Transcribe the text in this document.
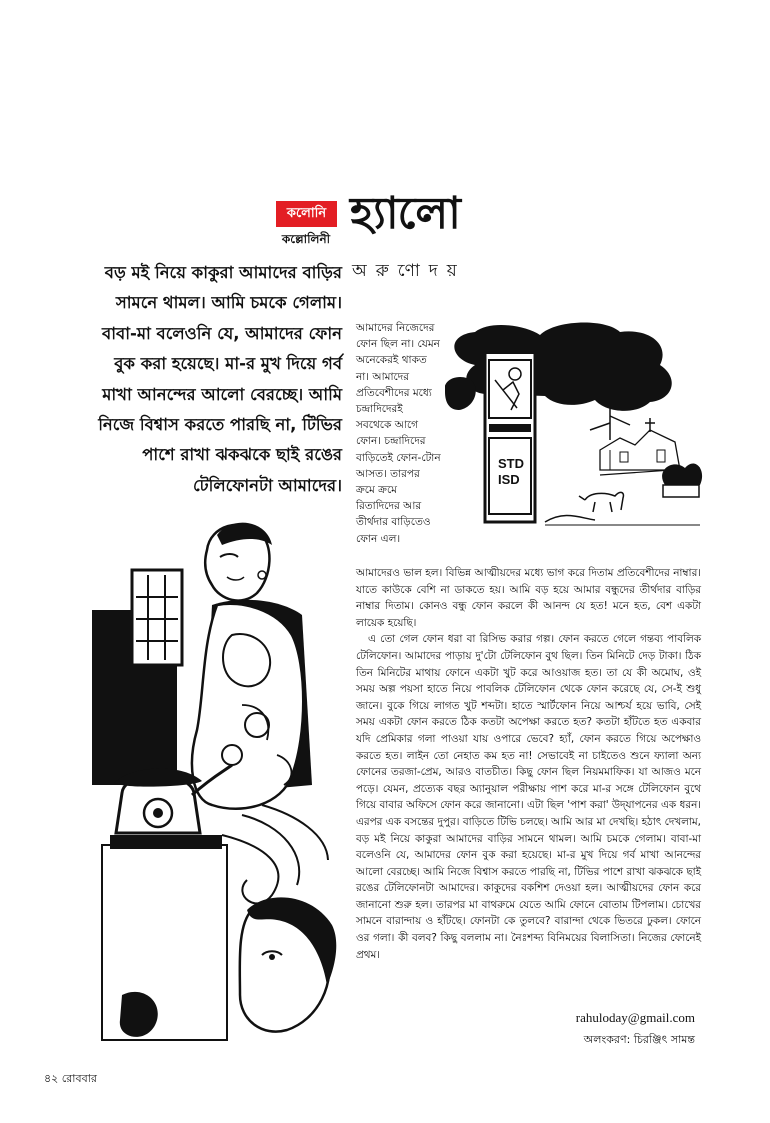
কলোনি
কল্লোলিনী হ্যালো
অরুণোদয়
বড় মই নিয়ে কাকুরা আমাদের বাড়ির সামনে থামল। আমি চমকে গেলাম। বাবা-মা বলেওনি যে, আমাদের ফোন বুক করা হয়েছে। মা-র মুখ দিয়ে গর্ব মাখা আনন্দের আলো বেরচ্ছে। আমি নিজে বিশ্বাস করতে পারছি না, টিভির পাশে রাখা ঝকঝকে ছাই রঙের টেলিফোনটা আমাদের।

আমাদের নিজেদের

ফোন ছিল না। যেমন

অনেকেরই থাকত

না। আমাদের

প্রতিবেশীদের মধ্যে

চন্দ্রাদিদেরই

সবথেকে আগে

ফোন। চন্দ্রাদিদের

বাড়িতেই ফোন-টোন

আসত। তারপর

ক্রমে ক্রমে

রিতাদিদের আর

তীর্থদার বাড়িতেও

ফোন এল।

আমাদেরও ভাল হল। বিভিন্ন আত্মীয়দের মধ্যে ভাগ করে দিতাম প্রতিবেশীদের নাম্বার। যাতে কাউকে বেশি না ডাকতে হয়। আমি বড় হয়ে আমার বন্ধুদের তীর্থদার বাড়ির নাম্বার দিতাম। কোনও বন্ধু ফোন করলে কী আনন্দ যে হত! মনে হত, বেশ একটা লায়েক হয়েছি।

এ তো গেল ফোন ধরা বা রিসিভ করার গল্প। ফোন করতে গেলে গন্তব্য পাবলিক টেলিফোন। আমাদের পাড়ায় দু'টো টেলিফোন বুথ ছিল। তিন মিনিটে দেড় টাকা। ঠিক তিন মিনিটের মাথায় ফোনে একটা খুট করে আওয়াজ হত। তা যে কী অমোঘ, ওই সময় অল্প পয়সা হাতে নিয়ে পাবলিক টেলিফোন থেকে ফোন করেছে যে, সে-ই শুধু জানে। বুকে গিয়ে লাগত খুট শব্দটা। হাতে স্মার্টফোন নিয়ে আশ্চর্য হয়ে ভাবি, সেই সময় একটা ফোন করতে ঠিক কতটা অপেক্ষা করতে হত? কতটা হাঁটতে হত একবার যদি প্রেমিকার গলা পাওয়া যায় ওপারে ভেবে? হ্যাঁ, ফোন করতে গিয়ে অপেক্ষাও করতে হত। লাইন তো নেহাত কম হত না! সেভাবেই না চাইতেও শুনে ফ্যালা অন্য ফোনের তরজা-প্রেম, আরও বাতচীত। কিছু ফোন ছিল নিয়মমাফিক। যা আজও মনে পড়ে। যেমন, প্রত্যেক বছর অ্যানুয়াল পরীক্ষায় পাশ করে মা-র সঙ্গে টেলিফোন বুথে গিয়ে বাবার অফিসে ফোন করে জানানো। এটা ছিল 'পাশ করা' উদ্‌যাপনের এক ধরন। এরপর এক বসন্তের দুপুর। বাড়িতে টিভি চলছে। আমি আর মা দেখছি। হঠাৎ দেখলাম, বড় মই নিয়ে কাকুরা আমাদের বাড়ির সামনে থামল। আমি চমকে গেলাম। বাবা-মা বলেওনি যে, আমাদের ফোন বুক করা হয়েছে। মা-র মুখ দিয়ে গর্ব মাখা আনন্দের আলো বেরচ্ছে। আমি নিজে বিশ্বাস করতে পারছি না, টিভির পাশে রাখা ঝকঝকে ছাই রঙের টেলিফোনটা আমাদের। কাকুদের বকশিশ দেওয়া হল। আত্মীয়দের ফোন করে জানানো শুরু হল। তারপর মা বাথরুমে যেতে আমি ফোনে বোতাম টিপলাম। চোখের সামনে বারান্দায় ও হাঁটছে। ফোনটা কে তুলবে? বারান্দা থেকে ভিতরে ঢুকল। ফোনে ওর গলা। কী বলব? কিছু বললাম না। নৈঃশব্দ্য বিনিময়ের বিলাসিতা। নিজের ফোনেই প্রথম।

rahuloday@gmail.com
অলংকরণ: চিরঞ্জিৎ সামন্ত
৪২ রোববার
STD
ISD
